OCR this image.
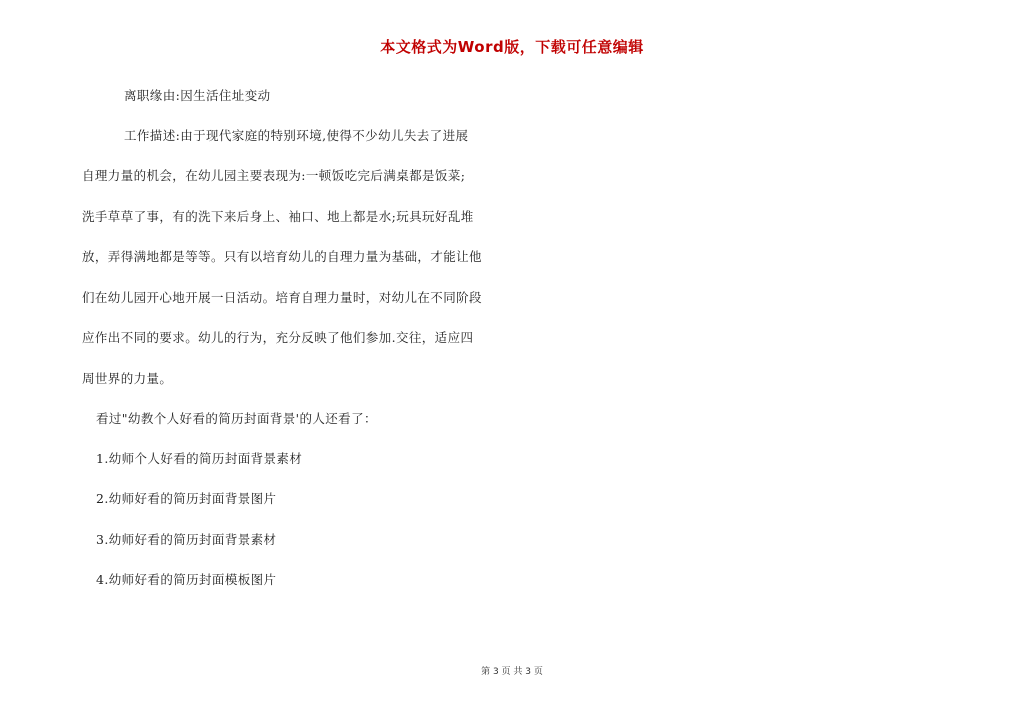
本文格式为Word版，下载可任意编辑
离职缘由:因生活住址变动
工作描述:由于现代家庭的特别环境,使得不少幼儿失去了进展
自理力量的机会，在幼儿园主要表现为:一顿饭吃完后满桌都是饭菜;
洗手草草了事，有的洗下来后身上、袖口、地上都是水;玩具玩好乱堆
放，弄得满地都是等等。只有以培育幼儿的自理力量为基础，才能让他
们在幼儿园开心地开展一日活动。培育自理力量时，对幼儿在不同阶段
应作出不同的要求。幼儿的行为，充分反映了他们参加.交往，适应四
周世界的力量。
看过"幼教个人好看的简历封面背景'的人还看了：
1.幼师个人好看的简历封面背景素材
2.幼师好看的简历封面背景图片
3.幼师好看的简历封面背景素材
4.幼师好看的简历封面模板图片
第 3 页 共 3 页
